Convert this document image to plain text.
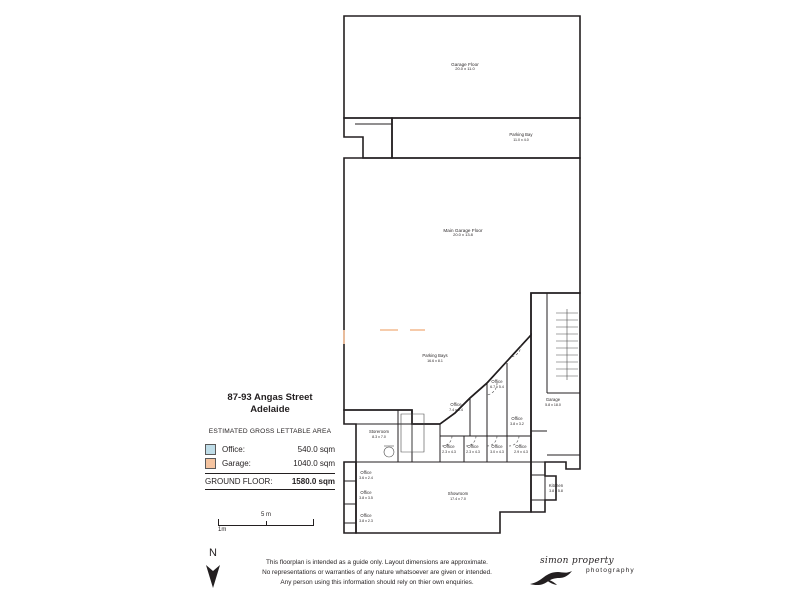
Garage Floor
20.0 x 11.0
Parking Bay
11.0 x 4.0
Main Garage Floor
20.0 x 13.8
Parking Bays
16.6 x 8.1
Office
6.7 x 5.4
Garage
5.8 x 18.0
Office
7.4 x 5.4
Office
3.8 x 3.2
Storeroom
8.3 x 7.0
Office
2.3 x 4.3
Office
2.3 x 4.3
Office
3.0 x 4.3
Office
2.9 x 4.3
Office
3.6 x 2.4
Kitchen
3.8 x 5.8
Office
3.8 x 3.5
Showroom
17.4 x 7.0
Office
3.8 x 2.3
87-93 Angas Street
Adelaide
ESTIMATED GROSS LETTABLE AREA
Office:	540.0 sqm
Garage:	1040.0 sqm
GROUND FLOOR: 1580.0 sqm
5 m
1m
N
This floorplan is intended as a guide only. Layout dimensions are approximate.
No representations or warranties of any nature whatsoever are given or intended.
Any person using this information should rely on thier own enquiries.
simon property
photography
